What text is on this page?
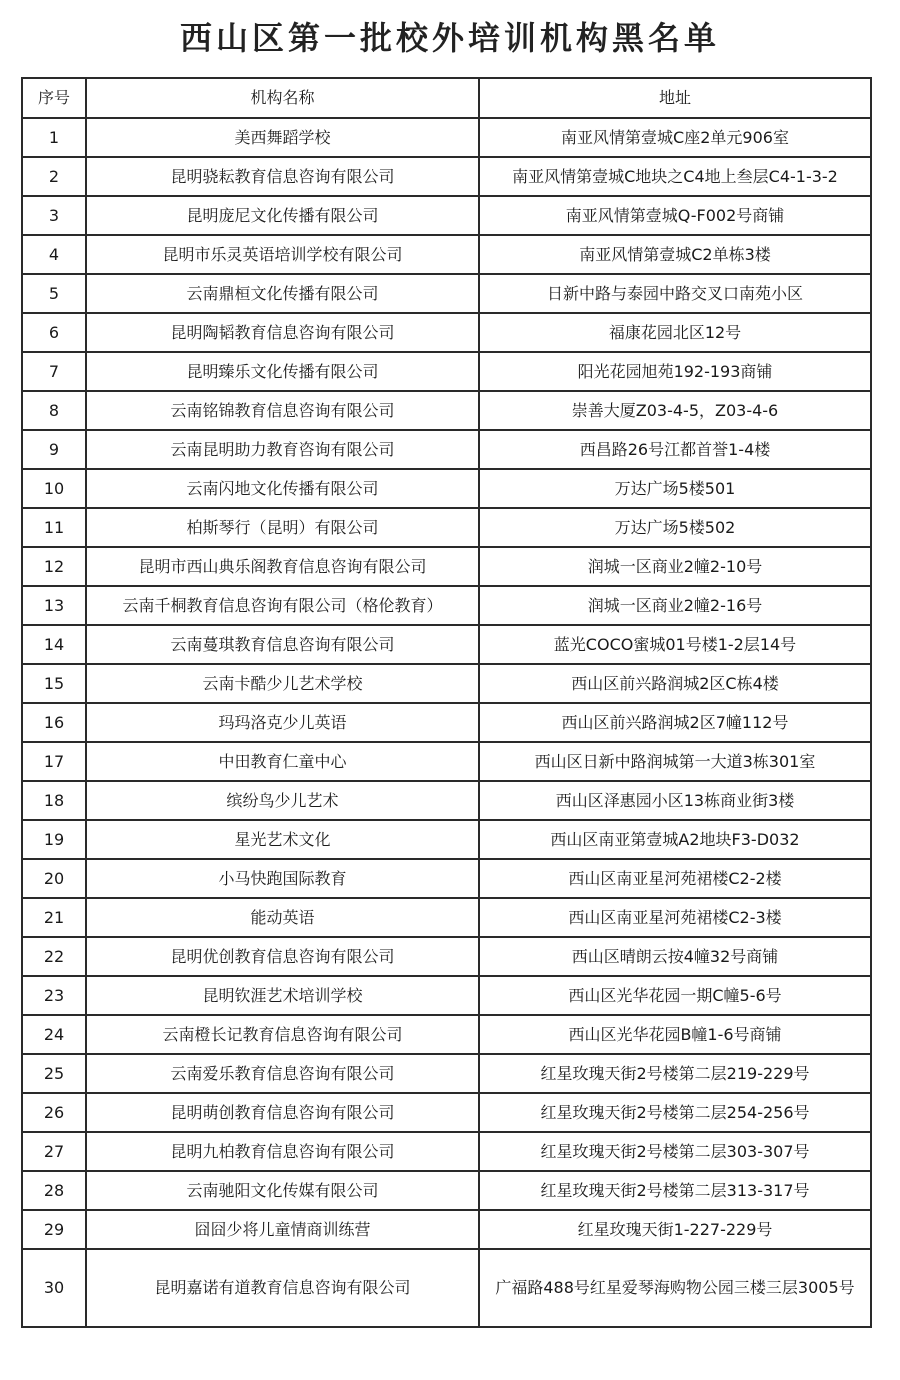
西山区第一批校外培训机构黑名单
序号	机构名称	地址
1	美西舞蹈学校	南亚风情第壹城C座2单元906室
2	昆明骁耘教育信息咨询有限公司	南亚风情第壹城C地块之C4地上叁层C4-1-3-2
3	昆明庞尼文化传播有限公司	南亚风情第壹城Q-F002号商铺
4	昆明市乐灵英语培训学校有限公司	南亚风情第壹城C2单栋3楼
5	云南鼎桓文化传播有限公司	日新中路与泰园中路交叉口南苑小区
6	昆明陶韬教育信息咨询有限公司	福康花园北区12号
7	昆明臻乐文化传播有限公司	阳光花园旭苑192-193商铺
8	云南铭锦教育信息咨询有限公司	崇善大厦Z03-4-5，Z03-4-6
9	云南昆明助力教育咨询有限公司	西昌路26号江都首誉1-4楼
10	云南闪地文化传播有限公司	万达广场5楼501
11	柏斯琴行（昆明）有限公司	万达广场5楼502
12	昆明市西山典乐阁教育信息咨询有限公司	润城一区商业2幢2-10号
13	云南千桐教育信息咨询有限公司（格伦教育）	润城一区商业2幢2-16号
14	云南蔓琪教育信息咨询有限公司	蓝光COCO蜜城01号楼1-2层14号
15	云南卡酷少儿艺术学校	西山区前兴路润城2区C栋4楼
16	玛玛洛克少儿英语	西山区前兴路润城2区7幢112号
17	中田教育仁童中心	西山区日新中路润城第一大道3栋301室
18	缤纷鸟少儿艺术	西山区泽惠园小区13栋商业街3楼
19	星光艺术文化	西山区南亚第壹城A2地块F3-D032
20	小马快跑国际教育	西山区南亚星河苑裙楼C2-2楼
21	能动英语	西山区南亚星河苑裙楼C2-3楼
22	昆明优创教育信息咨询有限公司	西山区晴朗云按4幢32号商铺
23	昆明钦涯艺术培训学校	西山区光华花园一期C幢5-6号
24	云南橙长记教育信息咨询有限公司	西山区光华花园B幢1-6号商铺
25	云南爱乐教育信息咨询有限公司	红星玫瑰天街2号楼第二层219-229号
26	昆明萌创教育信息咨询有限公司	红星玫瑰天街2号楼第二层254-256号
27	昆明九柏教育信息咨询有限公司	红星玫瑰天街2号楼第二层303-307号
28	云南驰阳文化传媒有限公司	红星玫瑰天街2号楼第二层313-317号
29	囧囧少将儿童情商训练营	红星玫瑰天街1-227-229号
30	昆明嘉诺有道教育信息咨询有限公司	广福路488号红星爱琴海购物公园三楼三层3005号
